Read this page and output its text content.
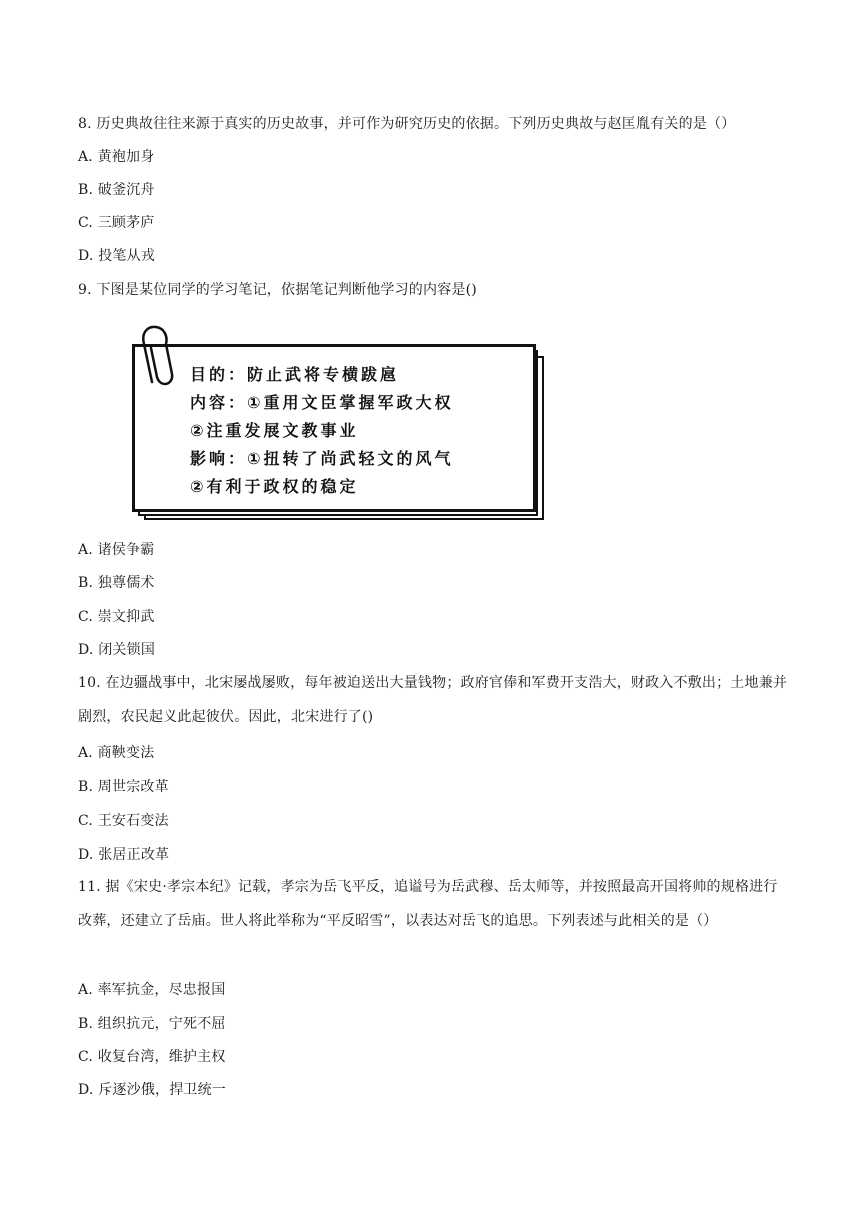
8. 历史典故往往来源于真实的历史故事，并可作为研究历史的依据。下列历史典故与赵匡胤有关的是（）
A. 黄袍加身
B. 破釜沉舟
C. 三顾茅庐
D. 投笔从戎
9. 下图是某位同学的学习笔记，依据笔记判断他学习的内容是()
目的：防止武将专横跋扈
内容：①重用文臣掌握军政大权
②注重发展文教事业
影响：①扭转了尚武轻文的风气
②有利于政权的稳定
A. 诸侯争霸
B. 独尊儒术
C. 崇文抑武
D. 闭关锁国
10. 在边疆战事中，北宋屡战屡败，每年被迫送出大量钱物；政府官俸和军费开支浩大，财政入不敷出；土地兼并剧烈，农民起义此起彼伏。因此，北宋进行了()
A. 商鞅变法
B. 周世宗改革
C. 王安石变法
D. 张居正改革
11. 据《宋史·孝宗本纪》记载，孝宗为岳飞平反，追谥号为岳武穆、岳太师等，并按照最高开国将帅的规格进行改葬，还建立了岳庙。世人将此举称为“平反昭雪”，以表达对岳飞的追思。下列表述与此相关的是（）
A. 率军抗金，尽忠报国
B. 组织抗元，宁死不屈
C. 收复台湾，维护主权
D. 斥逐沙俄，捍卫统一
